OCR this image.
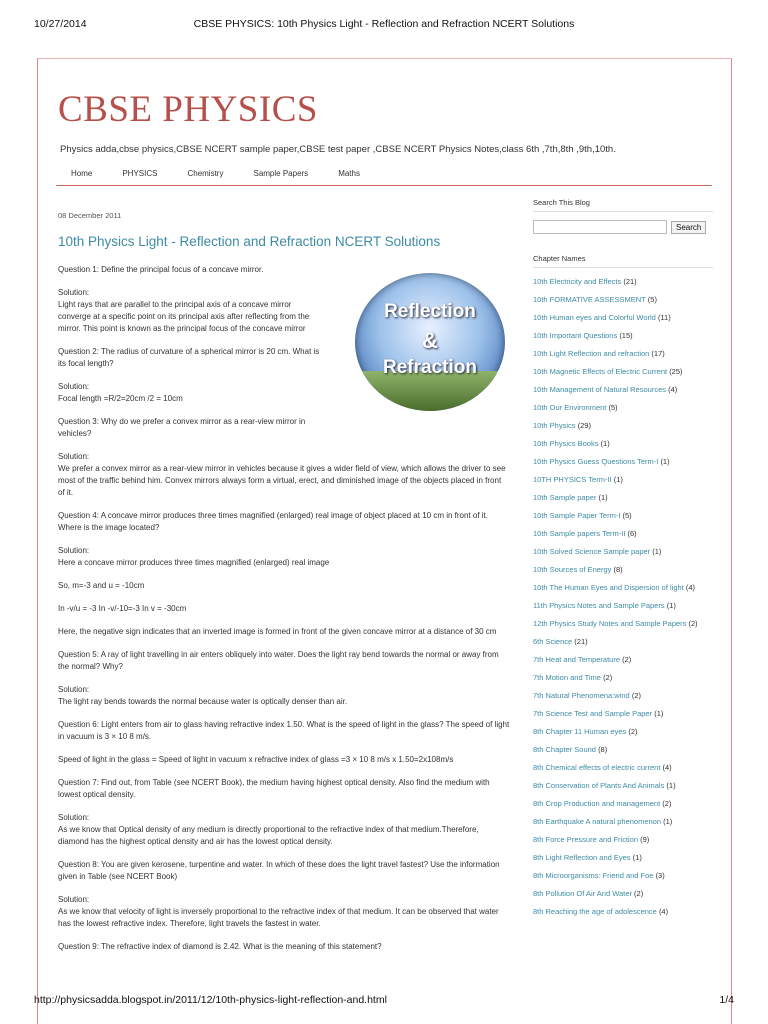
10/27/2014	CBSE PHYSICS: 10th Physics Light - Reflection and Refraction NCERT Solutions
CBSE PHYSICS
Physics adda,cbse physics,CBSE NCERT sample paper,CBSE test paper ,CBSE NCERT Physics Notes,class 6th ,7th,8th ,9th,10th.
Home	PHYSICS	Chemistry	Sample Papers	Maths
08 December 2011
10th Physics Light - Reflection and Refraction NCERT Solutions

Question 1: Define the principal focus of a concave mirror.

Solution:
Light rays that are parallel to the principal axis of a concave mirror
converge at a specific point on its principal axis after reflecting from the
mirror. This point is known as the principal focus of the concave mirror

Question 2: The radius of curvature of a spherical mirror is 20 cm. What is
its focal length?

Solution:
Focal length =R/2=20cm /2 = 10cm

Question 3: Why do we prefer a convex mirror as a rear-view mirror in
vehicles?

Solution:
We prefer a convex mirror as a rear-view mirror in vehicles because it gives a wider field of view, which allows the driver to see most of the traffic behind him. Convex mirrors always form a virtual, erect, and diminished image of the objects placed in front of it.

Question 4: A concave mirror produces three times magnified (enlarged) real image of object placed at 10 cm in front of it. Where is the image located?

Solution:
Here a concave mirror produces three times magnified (enlarged) real image

So, m=-3 and u = -10cm

In -v/u = -3 In -v/-10=-3 In v = -30cm

Here, the negative sign indicates that an inverted image is formed in front of the given concave mirror at a distance of 30 cm

Question 5: A ray of light travelling in air enters obliquely into water. Does the light ray bend towards the normal or away from the normal? Why?

Solution:
The light ray bends towards the normal because water is optically denser than air.

Question 6: Light enters from air to glass having refractive index 1.50. What is the speed of light in the glass? The speed of light in vacuum is 3 × 10 8 m/s.

Speed of light in the glass = Speed of light in vacuum x refractive index of glass =3 × 10 8 m/s x 1.50=2x108m/s

Question 7: Find out, from Table (see NCERT Book), the medium having highest optical density. Also find the medium with lowest optical density.

Solution:
As we know that Optical density of any medium is directly proportional to the refractive index of that medium.Therefore, diamond has the highest optical density and air has the lowest optical density.

Question 8: You are given kerosene, turpentine and water. In which of these does the light travel fastest? Use the information given in Table (see NCERT Book)

Solution:
As we know that velocity of light is inversely proportional to the refractive index of that medium. It can be observed that water has the lowest refractive index. Therefore, light travels the fastest in water.

Question 9: The refractive index of diamond is 2.42. What is the meaning of this statement?

Reflection
&
Refraction
Search This Blog
Search
Chapter Names
10th Electricity and Effects (21)
10th FORMATIVE ASSESSMENT (5)
10th Human eyes and Colorful World (11)
10th Important Questions (15)
10th Light Reflection and refraction (17)
10th Magnetic Effects of Electric Current (25)
10th Management of Natural Resources (4)
10th Our Environment (5)
10th Physics (29)
10th Physics Books (1)
10th Physics Guess Questions Term-I (1)
10TH PHYSICS Term-II (1)
10th Sample paper (1)
10th Sample Paper Term-I (5)
10th Sample papers Term-II (6)
10th Solved Science Sample paper (1)
10th Sources of Energy (8)
10th The Human Eyes and Dispersion of light (4)
11th Physics Notes and Sample Papers (1)
12th Physics Study Notes and Sample Papers (2)
6th Science (21)
7th Heat and Temperature (2)
7th Motion and Time (2)
7th Natural Phenomena:wind (2)
7th Science Test and Sample Paper (1)
8th Chapter 11 Human eyes (2)
8th Chapter Sound (8)
8th Chemical effects of electric current (4)
8th Conservation of Plants And Animals (1)
8th Crop Production and management (2)
8th Earthquake A natural phenomenon (1)
8th Force Pressure and Friction (9)
8th Light Reflection and Eyes (1)
8th Microorganisms: Friend and Foe (3)
8th Pollution Of Air And Water (2)
8th Reaching the age of adolescence (4)
http://physicsadda.blogspot.in/2011/12/10th-physics-light-reflection-and.html	1/4
